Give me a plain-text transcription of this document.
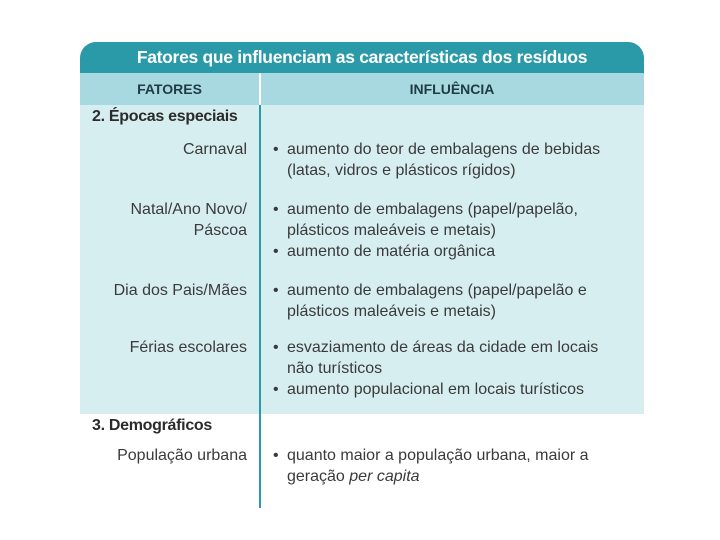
Fatores que influenciam as características dos resíduos
FATORES	INFLUÊNCIA
2. Épocas especiais
Carnaval • aumento do teor de embalagens de bebidas
(latas, vidros e plásticos rígidos)
Natal/Ano Novo/
Páscoa
• aumento de embalagens (papel/papelão,
plásticos maleáveis e metais)
• aumento de matéria orgânica
Dia dos Pais/Mães • aumento de embalagens (papel/papelão e
plásticos maleáveis e metais)
Férias escolares • esvaziamento de áreas da cidade em locais
não turísticos
• aumento populacional em locais turísticos
3. Demográficos
População urbana • quanto maior a população urbana, maior a
geração per capita
